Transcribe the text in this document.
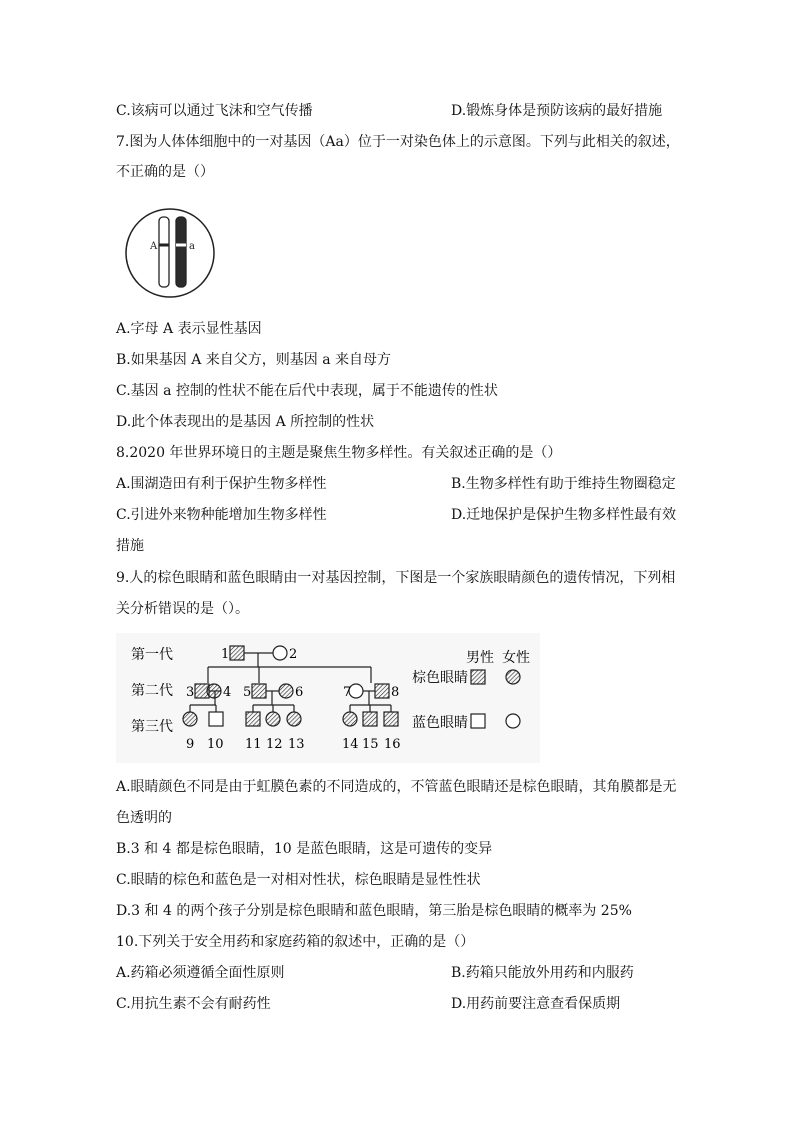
C.该病可以通过飞沫和空气传播	D.锻炼身体是预防该病的最好措施
7.图为人体体细胞中的一对基因（Aa）位于一对染色体上的示意图。下列与此相关的叙述，
不正确的是（）
A	a
A.字母 A 表示显性基因
B.如果基因 A 来自父方，则基因 a 来自母方
C.基因 a 控制的性状不能在后代中表现，属于不能遗传的性状
D.此个体表现出的是基因 A 所控制的性状
8.2020 年世界环境日的主题是聚焦生物多样性。有关叙述正确的是（）
A.围湖造田有利于保护生物多样性	B.生物多样性有助于维持生物圈稳定
C.引进外来物种能增加生物多样性	D.迁地保护是保护生物多样性最有效
措施
9.人的棕色眼睛和蓝色眼睛由一对基因控制，下图是一个家族眼睛颜色的遗传情况，下列相
关分析错误的是（）。
第一代
第二代
第三代
1	2
3 4 5	6	7	8
9 10 11 12 13	14 15 16
男性 女性
棕色眼睛
蓝色眼睛
A.眼睛颜色不同是由于虹膜色素的不同造成的，不管蓝色眼睛还是棕色眼睛，其角膜都是无
色透明的
B.3 和 4 都是棕色眼睛，10 是蓝色眼睛，这是可遗传的变异
C.眼睛的棕色和蓝色是一对相对性状，棕色眼睛是显性性状
D.3 和 4 的两个孩子分别是棕色眼睛和蓝色眼睛，第三胎是棕色眼睛的概率为 25%
10.下列关于安全用药和家庭药箱的叙述中，正确的是（）
A.药箱必须遵循全面性原则	B.药箱只能放外用药和内服药
C.用抗生素不会有耐药性	D.用药前要注意查看保质期
